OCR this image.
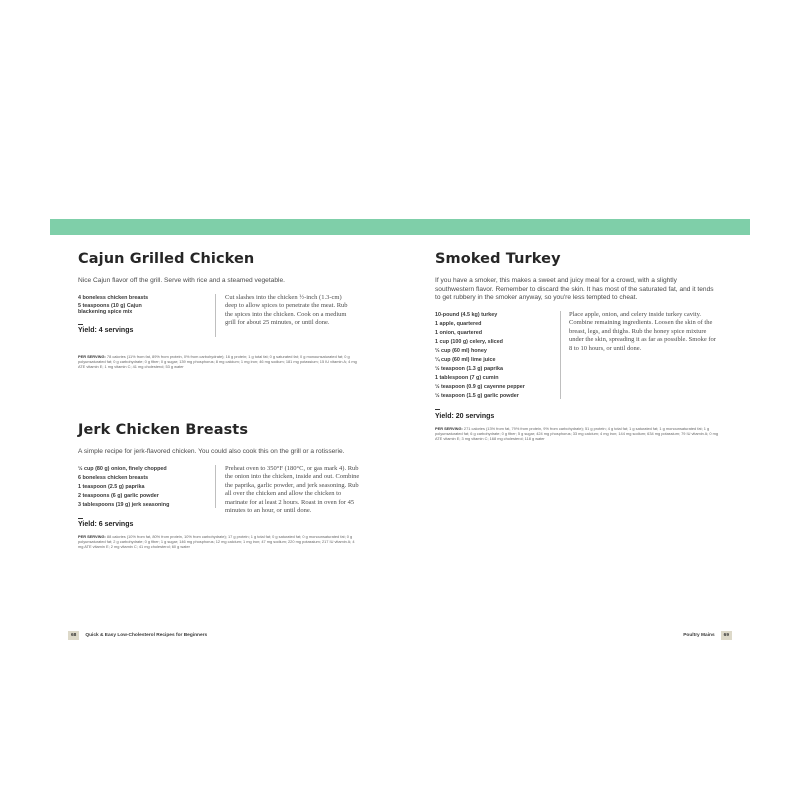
Cajun Grilled Chicken
Nice Cajun flavor off the grill. Serve with rice and a steamed vegetable.
4 boneless chicken breasts
5 teaspoons (10 g) Cajun blackening spice mix
Cut slashes into the chicken ½-inch (1.3-cm) deep to allow spices to penetrate the meat. Rub the spices into the chicken. Cook on a medium grill for about 25 minutes, or until done.
Yield: 4 servings
PER SERVING: 78 calories (11% from fat, 89% from protein, 0% from carbohydrate); 16 g protein; 1 g total fat; 0 g saturated fat; 0 g monounsaturated fat; 0 g polyunsaturated fat; 0 g carbohydrate; 0 g fiber; 0 g sugar; 139 mg phosphorus; 8 mg calcium; 1 mg iron; 46 mg sodium; 181 mg potassium; 15 IU vitamin A; 4 mg ATE vitamin E; 1 mg vitamin C; 41 mg cholesterol; 53 g water
Jerk Chicken Breasts
A simple recipe for jerk-flavored chicken. You could also cook this on the grill or a rotisserie.
½ cup (80 g) onion, finely chopped
6 boneless chicken breasts
1 teaspoon (2.5 g) paprika
2 teaspoons (6 g) garlic powder
3 tablespoons (19 g) jerk seasoning
Preheat oven to 350°F (180°C, or gas mark 4). Rub the onion into the chicken, inside and out. Combine the paprika, garlic powder, and jerk seasoning. Rub all over the chicken and allow the chicken to marinate for at least 2 hours. Roast in oven for 45 minutes to an hour, or until done.
Yield: 6 servings
PER SERVING: 88 calories (10% from fat, 80% from protein, 10% from carbohydrate); 17 g protein; 1 g total fat; 0 g saturated fat; 0 g monounsaturated fat; 0 g polyunsaturated fat; 2 g carbohydrate; 0 g fiber; 1 g sugar; 146 mg phosphorus; 12 mg calcium; 1 mg iron; 47 mg sodium; 220 mg potassium; 217 IU vitamin A; 4 mg ATE vitamin E; 2 mg vitamin C; 41 mg cholesterol; 60 g water
Smoked Turkey
If you have a smoker, this makes a sweet and juicy meal for a crowd, with a slightly southwestern flavor. Remember to discard the skin. It has most of the saturated fat, and it tends to get rubbery in the smoker anyway, so you're less tempted to cheat.
10-pound (4.5 kg) turkey
1 apple, quartered
1 onion, quartered
1 cup (100 g) celery, sliced
⅓ cup (60 ml) honey
¼ cup (60 ml) lime juice
½ teaspoon (1.3 g) paprika
1 tablespoon (7 g) cumin
½ teaspoon (0.9 g) cayenne pepper
½ teaspoon (1.5 g) garlic powder
Place apple, onion, and celery inside turkey cavity. Combine remaining ingredients. Loosen the skin of the breast, legs, and thighs. Rub the honey spice mixture under the skin, spreading it as far as possible. Smoke for 8 to 10 hours, or until done.
Yield: 20 servings
PER SERVING: 271 calories (13% from fat, 79% from protein, 9% from carbohydrate); 51 g protein; 4 g total fat; 1 g saturated fat; 1 g monounsaturated fat; 1 g polyunsaturated fat; 6 g carbohydrate; 0 g fiber; 5 g sugar; 424 mg phosphorus; 33 mg calcium; 4 mg iron; 144 mg sodium; 634 mg potassium; 79 IU vitamin A; 0 mg ATE vitamin E; 3 mg vitamin C; 168 mg cholesterol; 118 g water
68	Quick & Easy Low-Cholesterol Recipes for Beginners	Poultry Mains	69
